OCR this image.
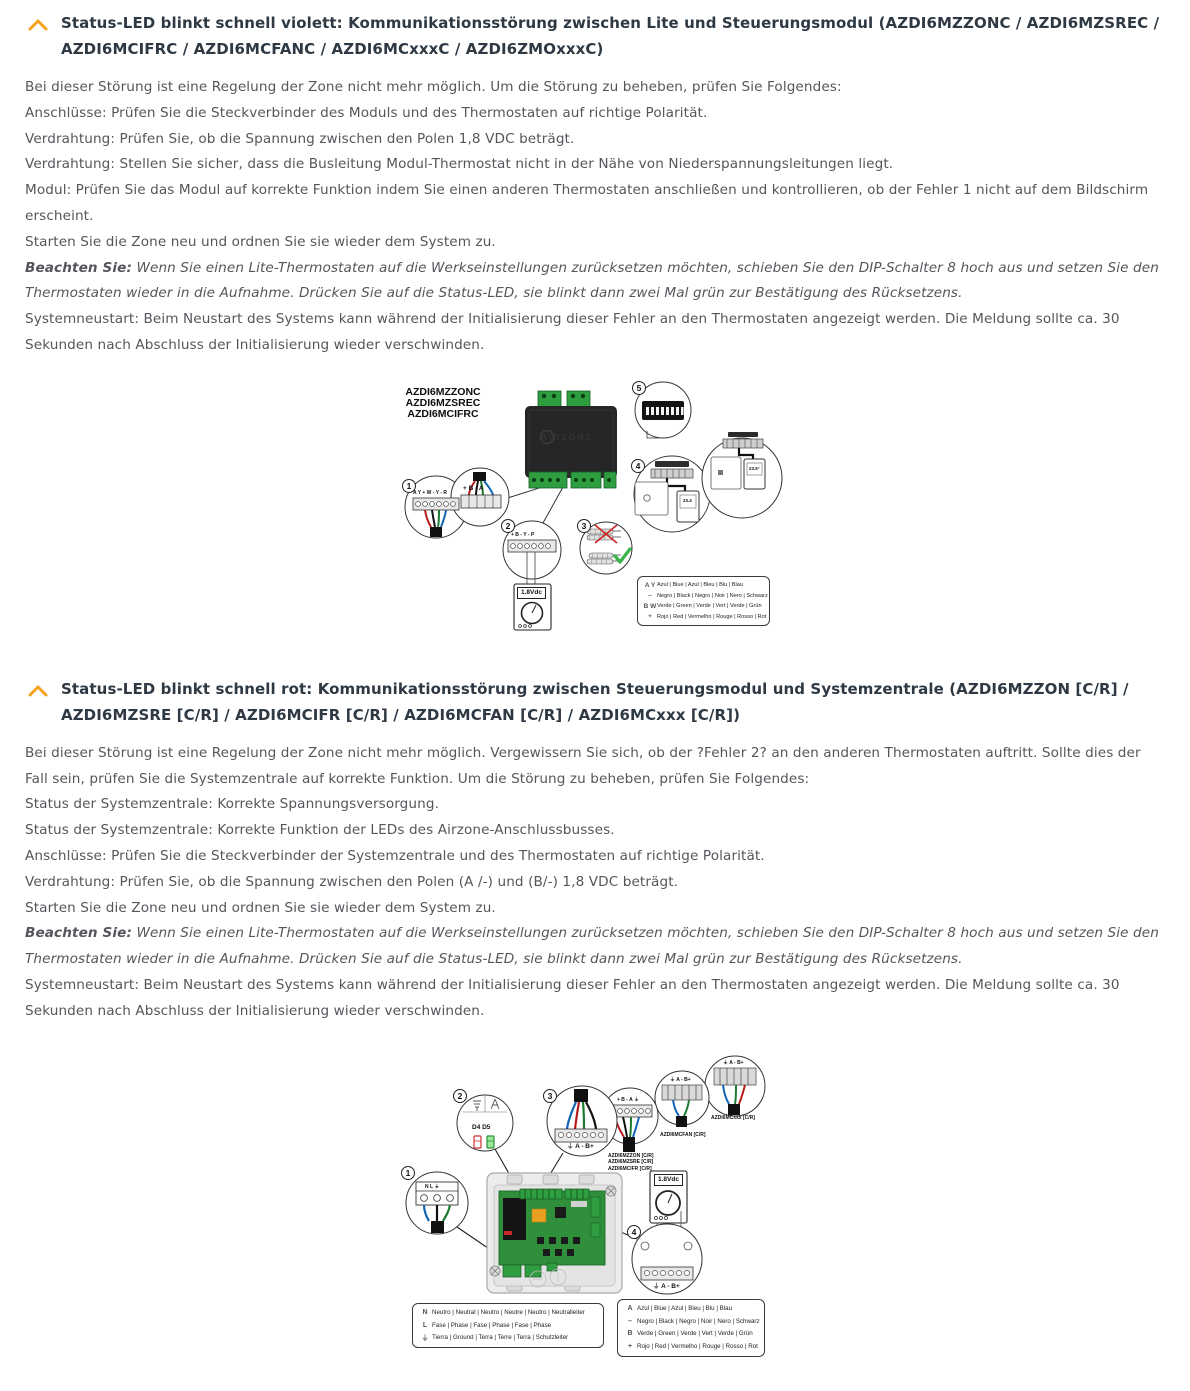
Status-LED blinkt schnell violett: Kommunikationsstörung zwischen Lite und Steuerungsmodul (AZDI6MZZONC / AZDI6MZSREC / AZDI6MCIFRC / AZDI6MCFANC / AZDI6MCxxxC / AZDI6ZMOxxxC)

Bei dieser Störung ist eine Regelung der Zone nicht mehr möglich. Um die Störung zu beheben, prüfen Sie Folgendes:

Anschlüsse: Prüfen Sie die Steckverbinder des Moduls und des Thermostaten auf richtige Polarität.

Verdrahtung: Prüfen Sie, ob die Spannung zwischen den Polen 1,8 VDC beträgt.

Verdrahtung: Stellen Sie sicher, dass die Busleitung Modul-Thermostat nicht in der Nähe von Niederspannungsleitungen liegt.

Modul: Prüfen Sie das Modul auf korrekte Funktion indem Sie einen anderen Thermostaten anschließen und kontrollieren, ob der Fehler 1 nicht auf dem Bildschirm erscheint.

Starten Sie die Zone neu und ordnen Sie sie wieder dem System zu.

Beachten Sie: Wenn Sie einen Lite-Thermostaten auf die Werkseinstellungen zurücksetzen möchten, schieben Sie den DIP-Schalter 8 hoch aus und setzen Sie den Thermostaten wieder in die Aufnahme. Drücken Sie auf die Status-LED, sie blinkt dann zwei Mal grün zur Bestätigung des Rücksetzens.

Systemneustart: Beim Neustart des Systems kann während der Initialisierung dieser Fehler an den Thermostaten angezeigt werden. Die Meldung sollte ca. 30 Sekunden nach Abschluss der Initialisierung wieder verschwinden.

AZDI6MZZONC
AZDI6MZSREC
AZDI6MCIFRC
AIRZONE
1
2	3
4
5
A Y + W - Y - R
+ B - A
+ B - Y - P
1.8Vdc
23.4
23.5°
A Y Azul | Blue | Azul | Bleu | Blu | Blau
– Negro | Black | Negro | Noir | Nero | Schwarz
B W Verde | Green | Verde | Vert | Verde | Grün
+ Rojo | Red | Vermelho | Rouge | Rosso | Rot
Status-LED blinkt schnell rot: Kommunikationsstörung zwischen Steuerungsmodul und Systemzentrale (AZDI6MZZON [C/R] / AZDI6MZSRE [C/R] / AZDI6MCIFR [C/R] / AZDI6MCFAN [C/R] / AZDI6MCxxx [C/R])

Bei dieser Störung ist eine Regelung der Zone nicht mehr möglich. Vergewissern Sie sich, ob der ?Fehler 2? an den anderen Thermostaten auftritt. Sollte dies der Fall sein, prüfen Sie die Systemzentrale auf korrekte Funktion. Um die Störung zu beheben, prüfen Sie Folgendes:

Status der Systemzentrale: Korrekte Spannungsversorgung.

Status der Systemzentrale: Korrekte Funktion der LEDs des Airzone-Anschlussbusses.

Anschlüsse: Prüfen Sie die Steckverbinder der Systemzentrale und des Thermostaten auf richtige Polarität.

Verdrahtung: Prüfen Sie, ob die Spannung zwischen den Polen (A /-) und (B/-) 1,8 VDC beträgt.

Starten Sie die Zone neu und ordnen Sie sie wieder dem System zu.

Beachten Sie: Wenn Sie einen Lite-Thermostaten auf die Werkseinstellungen zurücksetzen möchten, schieben Sie den DIP-Schalter 8 hoch aus und setzen Sie den Thermostaten wieder in die Aufnahme. Drücken Sie auf die Status-LED, sie blinkt dann zwei Mal grün zur Bestätigung des Rücksetzens.

Systemneustart: Beim Neustart des Systems kann während der Initialisierung dieser Fehler an den Thermostaten angezeigt werden. Die Meldung sollte ca. 30 Sekunden nach Abschluss der Initialisierung wieder verschwinden.

1
2	3
4
D4 D5
N L ⏚
⏚ A - B+
+ B - A ⏚
⏚ A - B+
⏚ A - B+
⏚ A - B+
1.8Vdc
AZDI6MZZON [C/R]
AZDI6MZSRE [C/R]
AZDI6MCIFR [C/R]
AZDI6MCFAN [C/R]
AZDI6MCxxx [C/R]
N Neutro | Neutral | Neutro | Neutre | Neutro | Neutralleiter
L Fase | Phase | Fase | Phase | Fase | Phase
⏚ Tierra | Ground | Terra | Terre | Terra | Schutzleiter
A Azul | Blue | Azul | Bleu | Blu | Blau
– Negro | Black | Negro | Noir | Nero | Schwarz
B Verde | Green | Verde | Vert | Verde | Grün
+ Rojo | Red | Vermelho | Rouge | Rosso | Rot
